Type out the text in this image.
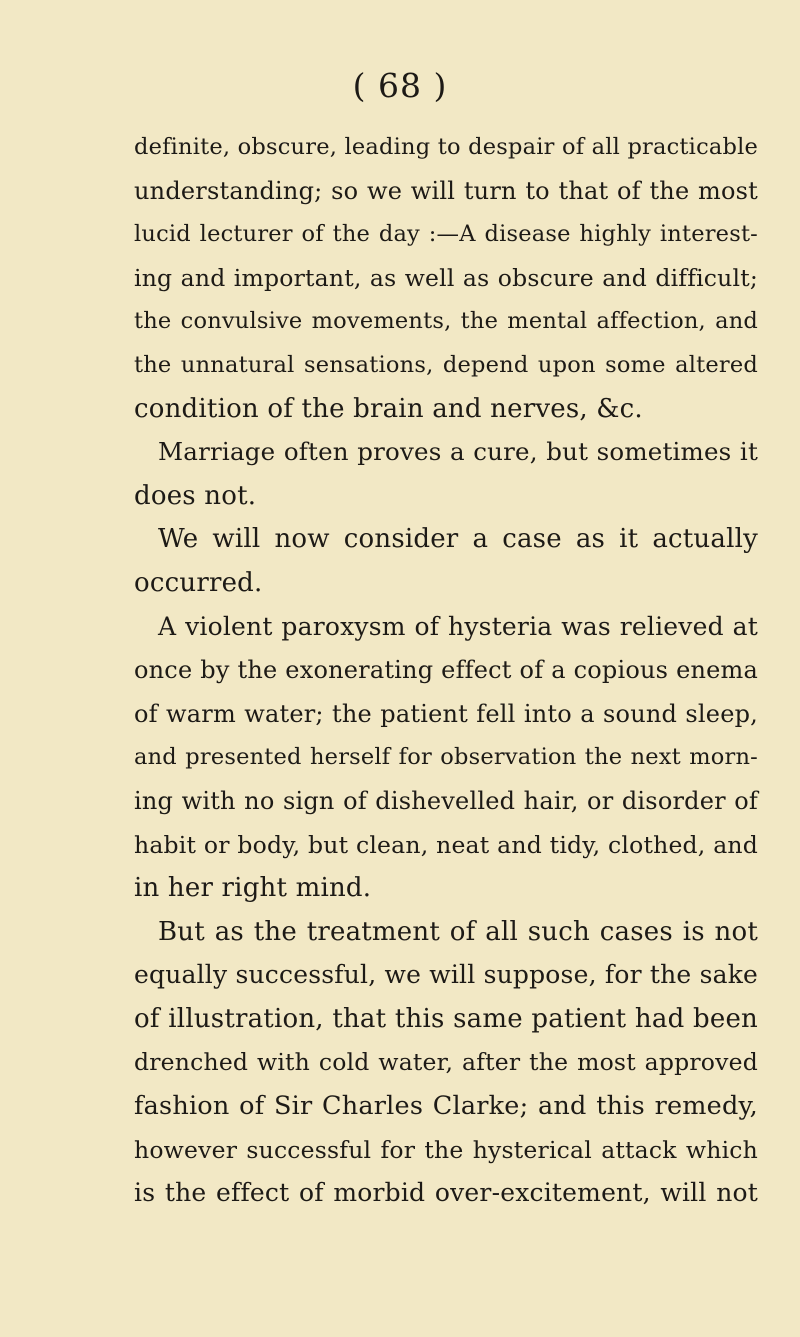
( 68 )
definite, obscure, leading to despair of all practicable
understanding; so we will turn to that of the most
lucid lecturer of the day :—A disease highly interest-
ing and important, as well as obscure and difficult;
the convulsive movements, the mental affection, and
the unnatural sensations, depend upon some altered
condition of the brain and nerves, &c.
Marriage often proves a cure, but sometimes it
does not.
We will now consider a case as it actually
occurred.
A violent paroxysm of hysteria was relieved at
once by the exonerating effect of a copious enema
of warm water; the patient fell into a sound sleep,
and presented herself for observation the next morn-
ing with no sign of dishevelled hair, or disorder of
habit or body, but clean, neat and tidy, clothed, and
in her right mind.
But as the treatment of all such cases is not
equally successful, we will suppose, for the sake
of illustration, that this same patient had been
drenched with cold water, after the most approved
fashion of Sir Charles Clarke; and this remedy,
however successful for the hysterical attack which
is the effect of morbid over-excitement, will not
